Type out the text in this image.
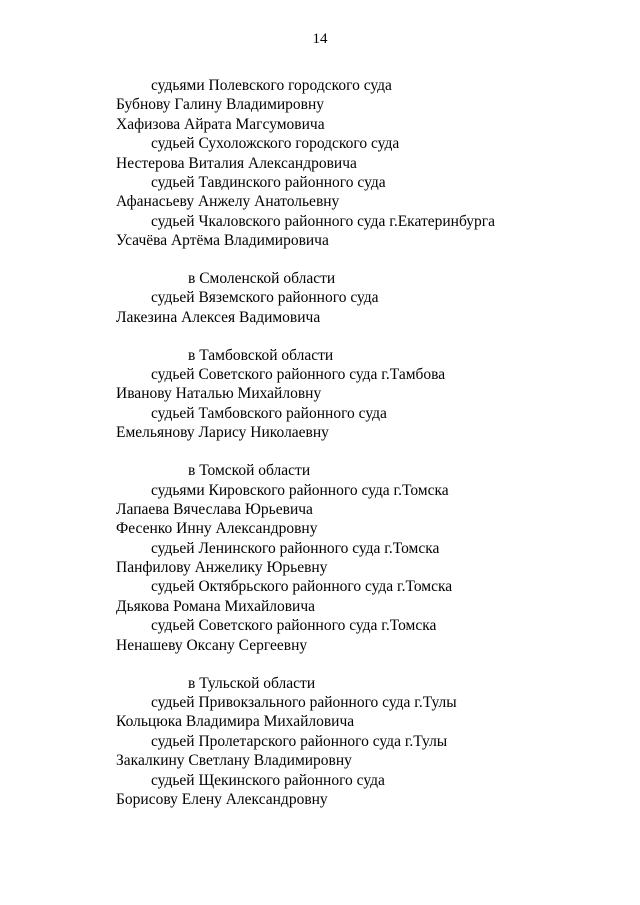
14
судьями Полевского городского суда
Бубнову Галину Владимировну
Хафизова Айрата Магсумовича
судьей Сухоложского городского суда
Нестерова Виталия Александровича
судьей Тавдинского районного суда
Афанасьеву Анжелу Анатольевну
судьей Чкаловского районного суда г.Екатеринбурга
Усачёва Артёма Владимировича
в Смоленской области
судьей Вяземского районного суда
Лакезина Алексея Вадимовича
в Тамбовской области
судьей Советского районного суда г.Тамбова
Иванову Наталью Михайловну
судьей Тамбовского районного суда
Емельянову Ларису Николаевну
в Томской области
судьями Кировского районного суда г.Томска
Лапаева Вячеслава Юрьевича
Фесенко Инну Александровну
судьей Ленинского районного суда г.Томска
Панфилову Анжелику Юрьевну
судьей Октябрьского районного суда г.Томска
Дьякова Романа Михайловича
судьей Советского районного суда г.Томска
Ненашеву Оксану Сергеевну
в Тульской области
судьей Привокзального районного суда г.Тулы
Кольцюка Владимира Михайловича
судьей Пролетарского районного суда г.Тулы
Закалкину Светлану Владимировну
судьей Щекинского районного суда
Борисову Елену Александровну
